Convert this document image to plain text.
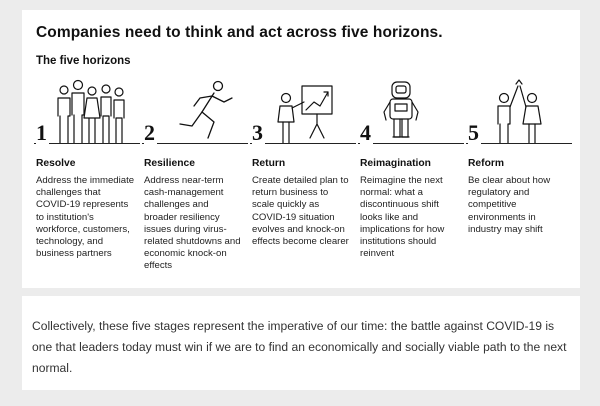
Companies need to think and act across five horizons.
The five horizons
1
Resolve

Address the immediate challenges that COVID-19 represents to institution's workforce, customers, technology, and business partners

2
Resilience

Address near-term cash-management challenges and broader resiliency issues during virus-related shutdowns and economic knock-on effects

3
Return

Create detailed plan to return business to scale quickly as COVID-19 situation evolves and knock-on effects become clearer

4
Reimagination

Reimagine the next normal: what a discontinuous shift looks like and implications for how institutions should reinvent

5
Reform

Be clear about how regulatory and competitive environments in industry may shift

Collectively, these five stages represent the imperative of our time: the battle against COVID-19 is one that leaders today must win if we are to find an economically and socially viable path to the next normal.
